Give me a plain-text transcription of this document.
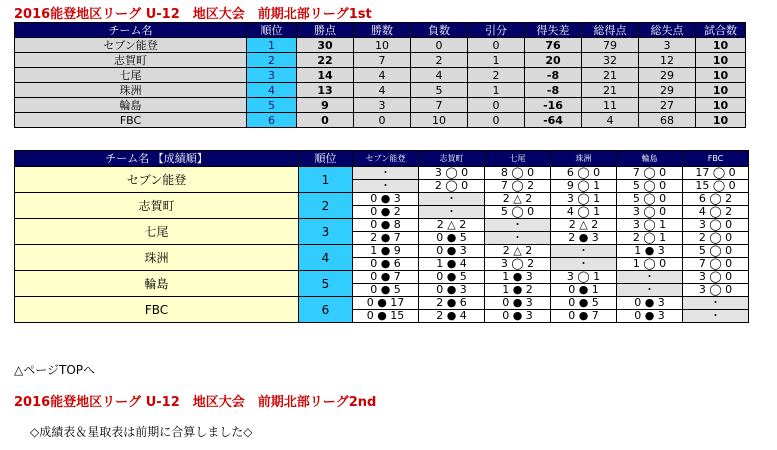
2016能登地区リーグ U-12　地区大会　前期北部リーグ1st
チーム名	順位	勝点	勝数	負数	引分	得失差	総得点	総失点	試合数
セブン能登	1	30	10	0	0	76	79	3	10
志賀町	2	22	7	2	1	20	32	12	10
七尾	3	14	4	4	2	-8	21	29	10
珠洲	4	13	4	5	1	-8	21	29	10
輪島	5	9	3	7	0	-16	11	27	10
FBC	6	0	0	10	0	-64	4	68	10
チーム名 【成績順】	順位	セブン能登	志賀町	七尾	珠洲	輪島	FBC
セブン能登	1	・	3 ◯ 0	8 ◯ 0	6 ◯ 0	7 ◯ 0	17 ◯ 0
		・	2 ◯ 0	7 ◯ 2	9 ◯ 1	5 ◯ 0	15 ◯ 0
志賀町	2	0 ● 3	・	2 △ 2	3 ◯ 1	5 ◯ 0	6 ◯ 2
		0 ● 2	・	5 ◯ 0	4 ◯ 1	3 ◯ 0	4 ◯ 2
七尾	3	0 ● 8	2 △ 2	・	2 △ 2	3 ◯ 1	3 ◯ 0
		2 ● 7	0 ● 5	・	2 ● 3	2 ◯ 1	2 ◯ 0
珠洲	4	1 ● 9	0 ● 3	2 △ 2	・	1 ● 3	5 ◯ 0
		0 ● 6	1 ● 4	3 ◯ 2	・	1 ◯ 0	7 ◯ 0
輪島	5	0 ● 7	0 ● 5	1 ● 3	3 ◯ 1	・	3 ◯ 0
		0 ● 5	0 ● 3	1 ● 2	0 ● 1	・	3 ◯ 0
FBC	6	0 ● 17	2 ● 6	0 ● 3	0 ● 5	0 ● 3	・
		0 ● 15	2 ● 4	0 ● 3	0 ● 7	0 ● 3	・
△ページTOPへ
2016能登地区リーグ U-12　地区大会　前期北部リーグ2nd
◇成績表＆星取表は前期に合算しました◇
